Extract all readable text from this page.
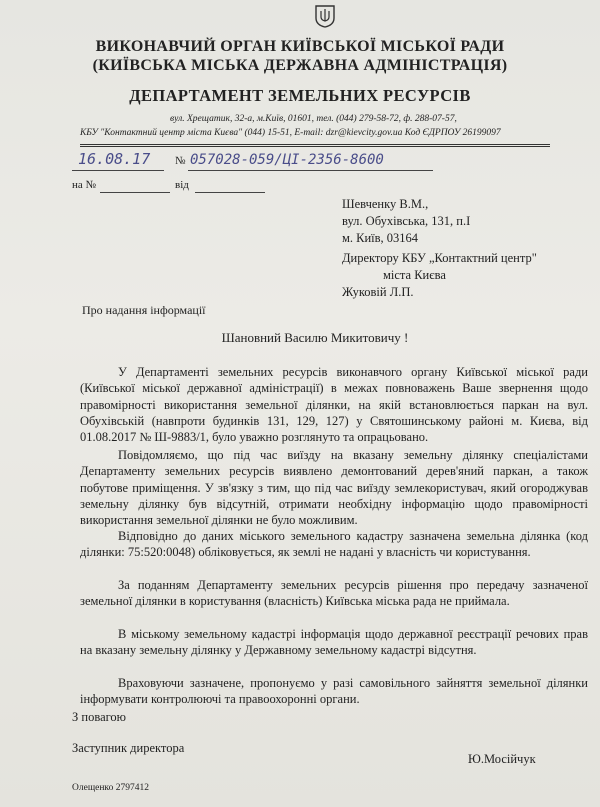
ВИКОНАВЧИЙ ОРГАН КИЇВСЬКОЇ МІСЬКОЇ РАДИ
(КИЇВСЬКА МІСЬКА ДЕРЖАВНА АДМІНІСТРАЦІЯ)
ДЕПАРТАМЕНТ ЗЕМЕЛЬНИХ РЕСУРСІВ
вул. Хрещатик, 32-а, м.Київ, 01601, тел. (044) 279-58-72, ф. 288-07-57,
КБУ "Контактний центр міста Києва" (044) 15-51, E-mail: dzr@kievcity.gov.ua Код ЄДРПОУ 26199097
16.08.17 № 057028-059/ЦІ-2356-8600
на №	від
Шевченку В.М.,
вул. Обухівська, 131, п.І
м. Київ, 03164
Директору КБУ „Контактний центр"
міста Києва
Жуковій Л.П.
Про надання інформації
Шановний Василю Микитовичу !
У Департаменті земельних ресурсів виконавчого органу Київської міської ради (Київської міської державної адміністрації) в межах повноважень Ваше звернення щодо правомірності використання земельної ділянки, на якій встановлюється паркан на вул. Обухівській (навпроти будинків 131, 129, 127) у Святошинському районі м. Києва, від 01.08.2017 № Ш-9883/1, було уважно розглянуто та опрацьовано.
Повідомляємо, що під час виїзду на вказану земельну ділянку спеціалістами Департаменту земельних ресурсів виявлено демонтований дерев'яний паркан, а також побутове приміщення. У зв'язку з тим, що під час виїзду землекористувач, який огороджував земельну ділянку був відсутній, отримати необхідну інформацію щодо правомірності використання земельної ділянки не було можливим.
Відповідно до даних міського земельного кадастру зазначена земельна ділянка (код ділянки: 75:520:0048) обліковується, як землі не надані у власність чи користування.
За поданням Департаменту земельних ресурсів рішення про передачу зазначеної земельної ділянки в користування (власність) Київська міська рада не приймала.
В міському земельному кадастрі інформація щодо державної реєстрації речових прав на вказану земельну ділянку у Державному земельному кадастрі відсутня.
Враховуючи зазначене, пропонуємо у разі самовільного зайняття земельної ділянки інформувати контролюючі та правоохоронні органи.
З повагою
Заступник директора
Ю.Мосійчук
Олещенко 2797412
